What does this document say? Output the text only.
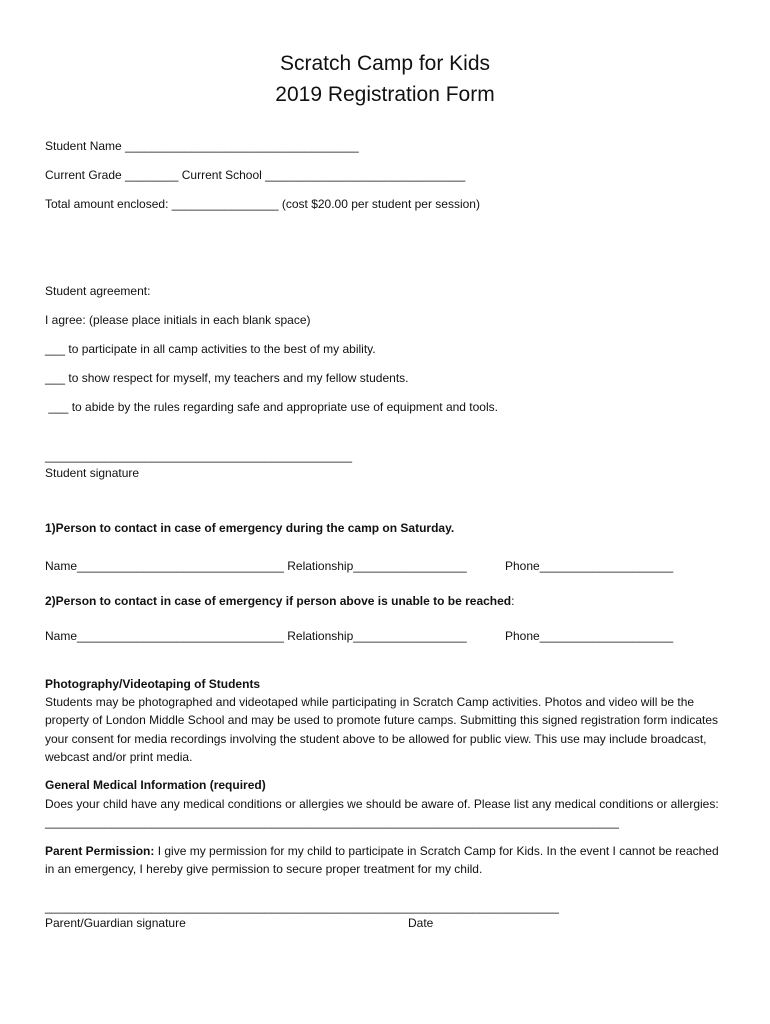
Scratch Camp for Kids
2019 Registration Form
Student Name ___________________________________
Current Grade ________ Current School ______________________________
Total amount enclosed: ________________ (cost $20.00 per student per session)
Student agreement:
I agree: (please place initials in each blank space)
___ to participate in all camp activities to the best of my ability.
___ to show respect for myself, my teachers and my fellow students.
___ to abide by the rules regarding safe and appropriate use of equipment and tools.
______________________________________________
Student signature
1)Person to contact in case of emergency during the camp on Saturday.
Name_______________________________ Relationship_________________	Phone____________________
2)Person to contact in case of emergency if person above is unable to be reached:
Name_______________________________ Relationship_________________	Phone____________________
Photography/Videotaping of Students
Students may be photographed and videotaped while participating in Scratch Camp activities. Photos and video will be the property of London Middle School and may be used to promote future camps. Submitting this signed registration form indicates your consent for media recordings involving the student above to be allowed for public view. This use may include broadcast, webcast and/or print media.
General Medical Information (required)
Does your child have any medical conditions or allergies we should be aware of. Please list any medical conditions or allergies: ______________________________________________________________________________________
Parent Permission: I give my permission for my child to participate in Scratch Camp for Kids. In the event I cannot be reached in an emergency, I hereby give permission to secure proper treatment for my child.
_____________________________________________________________________________
Parent/Guardian signature	Date
